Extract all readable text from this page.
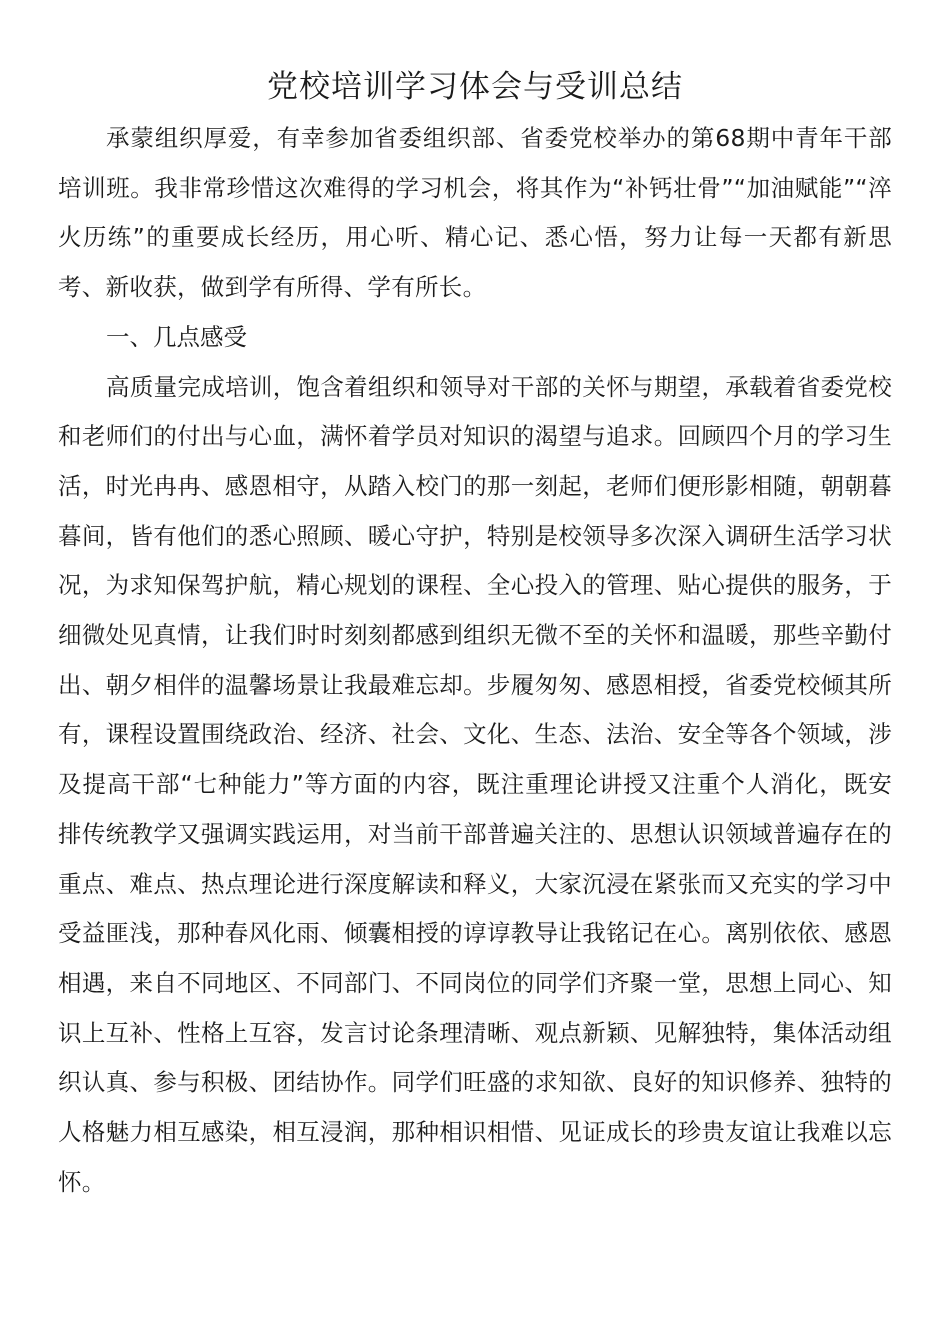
党校培训学习体会与受训总结

承蒙组织厚爱，有幸参加省委组织部、省委党校举办的第68期中青年干部培训班。我非常珍惜这次难得的学习机会，将其作为“补钙壮骨”“加油赋能”“淬火历练”的重要成长经历，用心听、精心记、悉心悟，努力让每一天都有新思考、新收获，做到学有所得、学有所长。

一、几点感受

高质量完成培训，饱含着组织和领导对干部的关怀与期望，承载着省委党校和老师们的付出与心血，满怀着学员对知识的渴望与追求。回顾四个月的学习生活，时光冉冉、感恩相守，从踏入校门的那一刻起，老师们便形影相随，朝朝暮暮间，皆有他们的悉心照顾、暖心守护，特别是校领导多次深入调研生活学习状况，为求知保驾护航，精心规划的课程、全心投入的管理、贴心提供的服务，于细微处见真情，让我们时时刻刻都感到组织无微不至的关怀和温暖，那些辛勤付出、朝夕相伴的温馨场景让我最难忘却。步履匆匆、感恩相授，省委党校倾其所有，课程设置围绕政治、经济、社会、文化、生态、法治、安全等各个领域，涉及提高干部“七种能力”等方面的内容，既注重理论讲授又注重个人消化，既安排传统教学又强调实践运用，对当前干部普遍关注的、思想认识领域普遍存在的重点、难点、热点理论进行深度解读和释义，大家沉浸在紧张而又充实的学习中受益匪浅，那种春风化雨、倾囊相授的谆谆教导让我铭记在心。离别依依、感恩相遇，来自不同地区、不同部门、不同岗位的同学们齐聚一堂，思想上同心、知识上互补、性格上互容，发言讨论条理清晰、观点新颖、见解独特，集体活动组织认真、参与积极、团结协作。同学们旺盛的求知欲、良好的知识修养、独特的人格魅力相互感染，相互浸润，那种相识相惜、见证成长的珍贵友谊让我难以忘怀。
